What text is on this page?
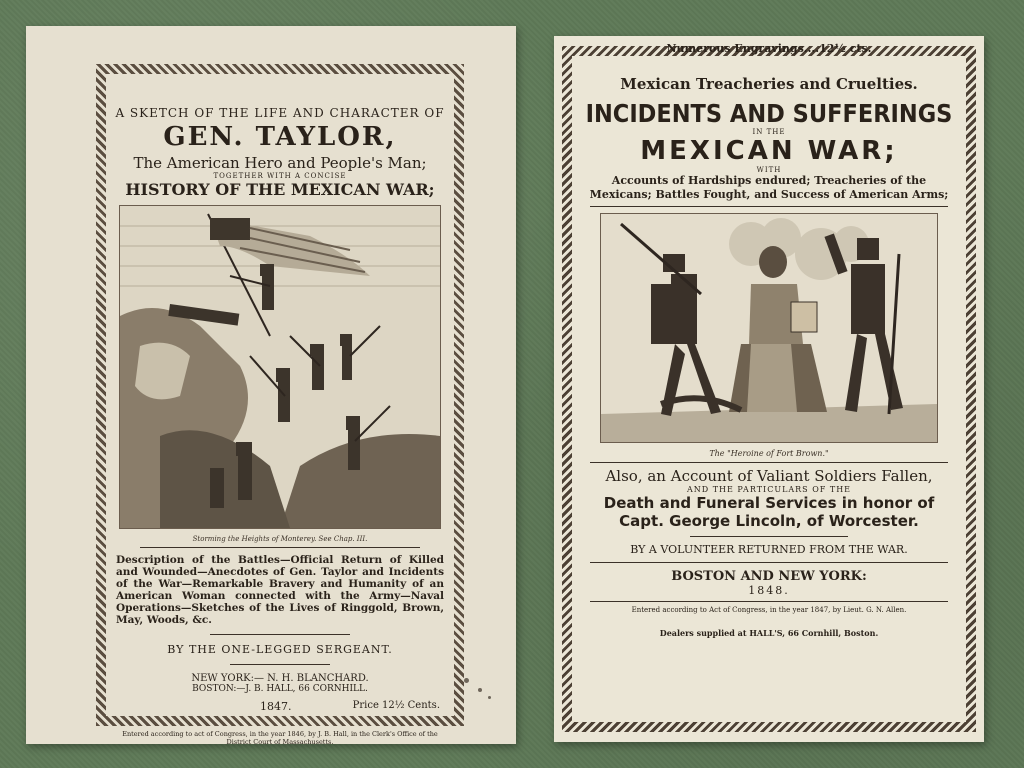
A SKETCH OF THE LIFE AND CHARACTER OF
GEN. TAYLOR,
The American Hero and People's Man;
TOGETHER WITH A CONCISE
HISTORY OF THE MEXICAN WAR;
Storming the Heights of Monterey. See Chap. III.
Description of the Battles—Official Return of Killed and Wounded—Anecdotes of Gen. Taylor and Incidents of the War—Remarkable Bravery and Humanity of an American Woman connected with the Army—Naval Operations—Sketches of the Lives of Ringgold, Brown, May, Woods, &c.
BY THE ONE-LEGGED SERGEANT.
NEW YORK:— N. H. BLANCHARD.
BOSTON:—J. B. HALL, 66 CORNHILL.
1847.	Price 12½ Cents.
Entered according to act of Congress, in the year 1846, by J. B. Hall, in the Clerk's Office of the District Court of Massachusetts.
Numerous Engravings....12½ cts.
Mexican Treacheries and Cruelties.
INCIDENTS AND SUFFERINGS
IN THE
MEXICAN WAR;
WITH
Accounts of Hardships endured; Treacheries of the Mexicans; Battles Fought, and Success of American Arms;
The "Heroine of Fort Brown."
Also, an Account of Valiant Soldiers Fallen,
AND THE PARTICULARS OF THE
Death and Funeral Services in honor of
Capt. George Lincoln, of Worcester.
BY A VOLUNTEER RETURNED FROM THE WAR.
BOSTON AND NEW YORK:
1848.
Entered according to Act of Congress, in the year 1847, by Lieut. G. N. Allen.
Dealers supplied at HALL'S, 66 Cornhill, Boston.
